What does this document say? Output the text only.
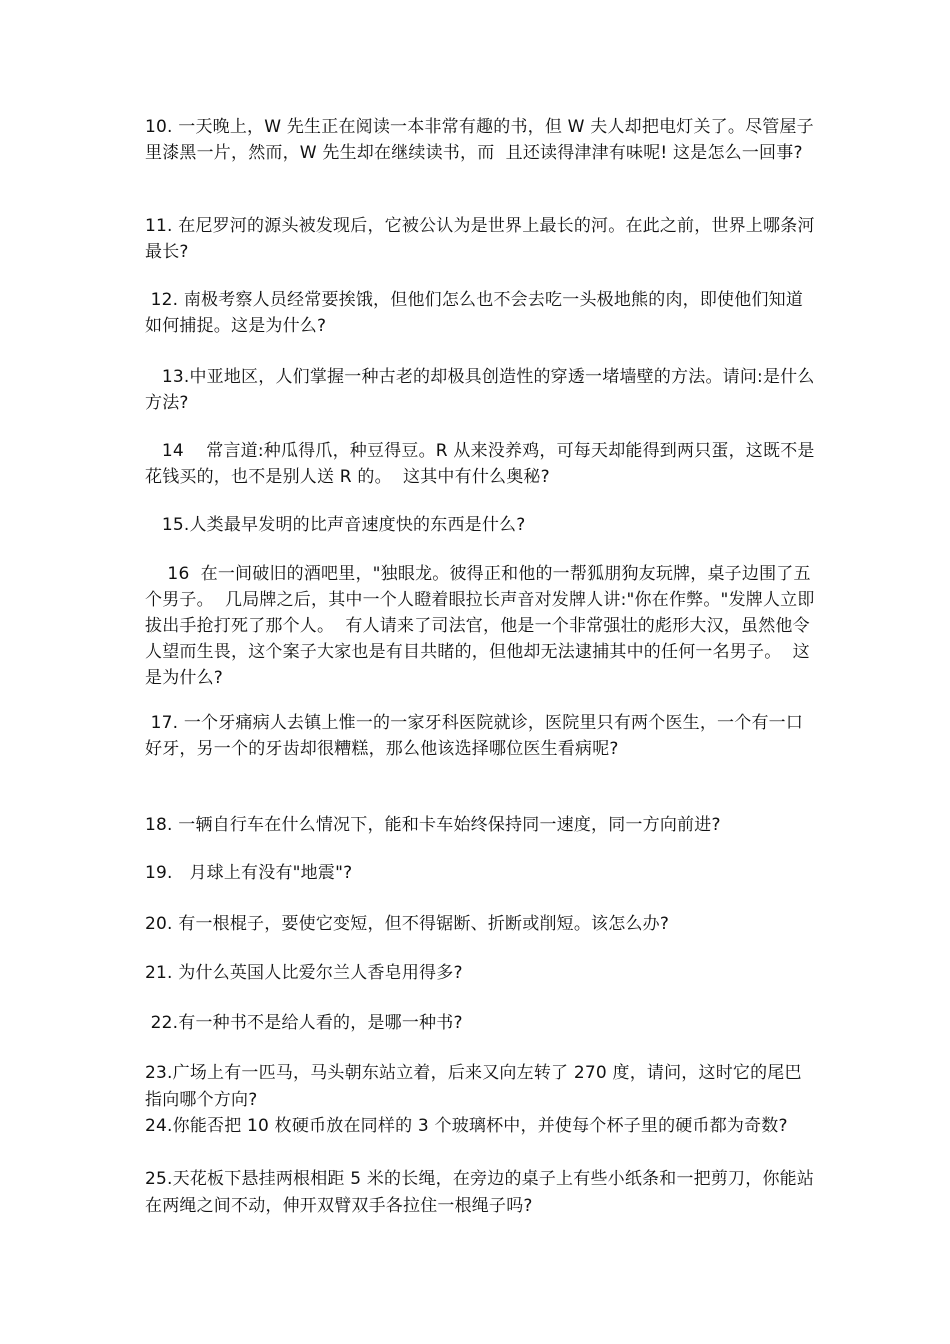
10. 一天晚上，W 先生正在阅读一本非常有趣的书，但 W 夫人却把电灯关了。尽管屋子里漆黑一片，然而，W 先生却在继续读书，而  且还读得津津有味呢! 这是怎么一回事?

11. 在尼罗河的源头被发现后，它被公认为是世界上最长的河。在此之前，世界上哪条河最长?

12. 南极考察人员经常要挨饿，但他们怎么也不会去吃一头极地熊的肉，即使他们知道如何捕捉。这是为什么?

13.中亚地区，人们掌握一种古老的却极具创造性的穿透一堵墙壁的方法。请问:是什么方法?

14    常言道:种瓜得爪，种豆得豆。R 从来没养鸡，可每天却能得到两只蛋，这既不是花钱买的，也不是别人送 R 的。  这其中有什么奥秘?

15.人类最早发明的比声音速度快的东西是什么?

16  在一间破旧的酒吧里，"独眼龙。彼得正和他的一帮狐朋狗友玩牌，桌子边围了五个男子。  几局牌之后，其中一个人瞪着眼拉长声音对发牌人讲:"你在作弊。"发牌人立即拔出手抢打死了那个人。  有人请来了司法官，他是一个非常强壮的彪形大汉，虽然他令人望而生畏，这个案子大家也是有目共睹的，但他却无法逮捕其中的任何一名男子。  这是为什么?

17. 一个牙痛病人去镇上惟一的一家牙科医院就诊，医院里只有两个医生，一个有一口好牙，另一个的牙齿却很糟糕，那么他该选择哪位医生看病呢?

18. 一辆自行车在什么情况下，能和卡车始终保持同一速度，同一方向前进?

19.   月球上有没有"地震"?

20. 有一根棍子，要使它变短，但不得锯断、折断或削短。该怎么办?

21. 为什么英国人比爱尔兰人香皂用得多?

22.有一种书不是给人看的，是哪一种书?

23.广场上有一匹马，马头朝东站立着，后来又向左转了 270 度，请问，这时它的尾巴指向哪个方向?

24.你能否把 10 枚硬币放在同样的 3 个玻璃杯中，并使每个杯子里的硬币都为奇数?

25.天花板下悬挂两根相距 5 米的长绳，在旁边的桌子上有些小纸条和一把剪刀，你能站在两绳之间不动，伸开双臂双手各拉住一根绳子吗?
